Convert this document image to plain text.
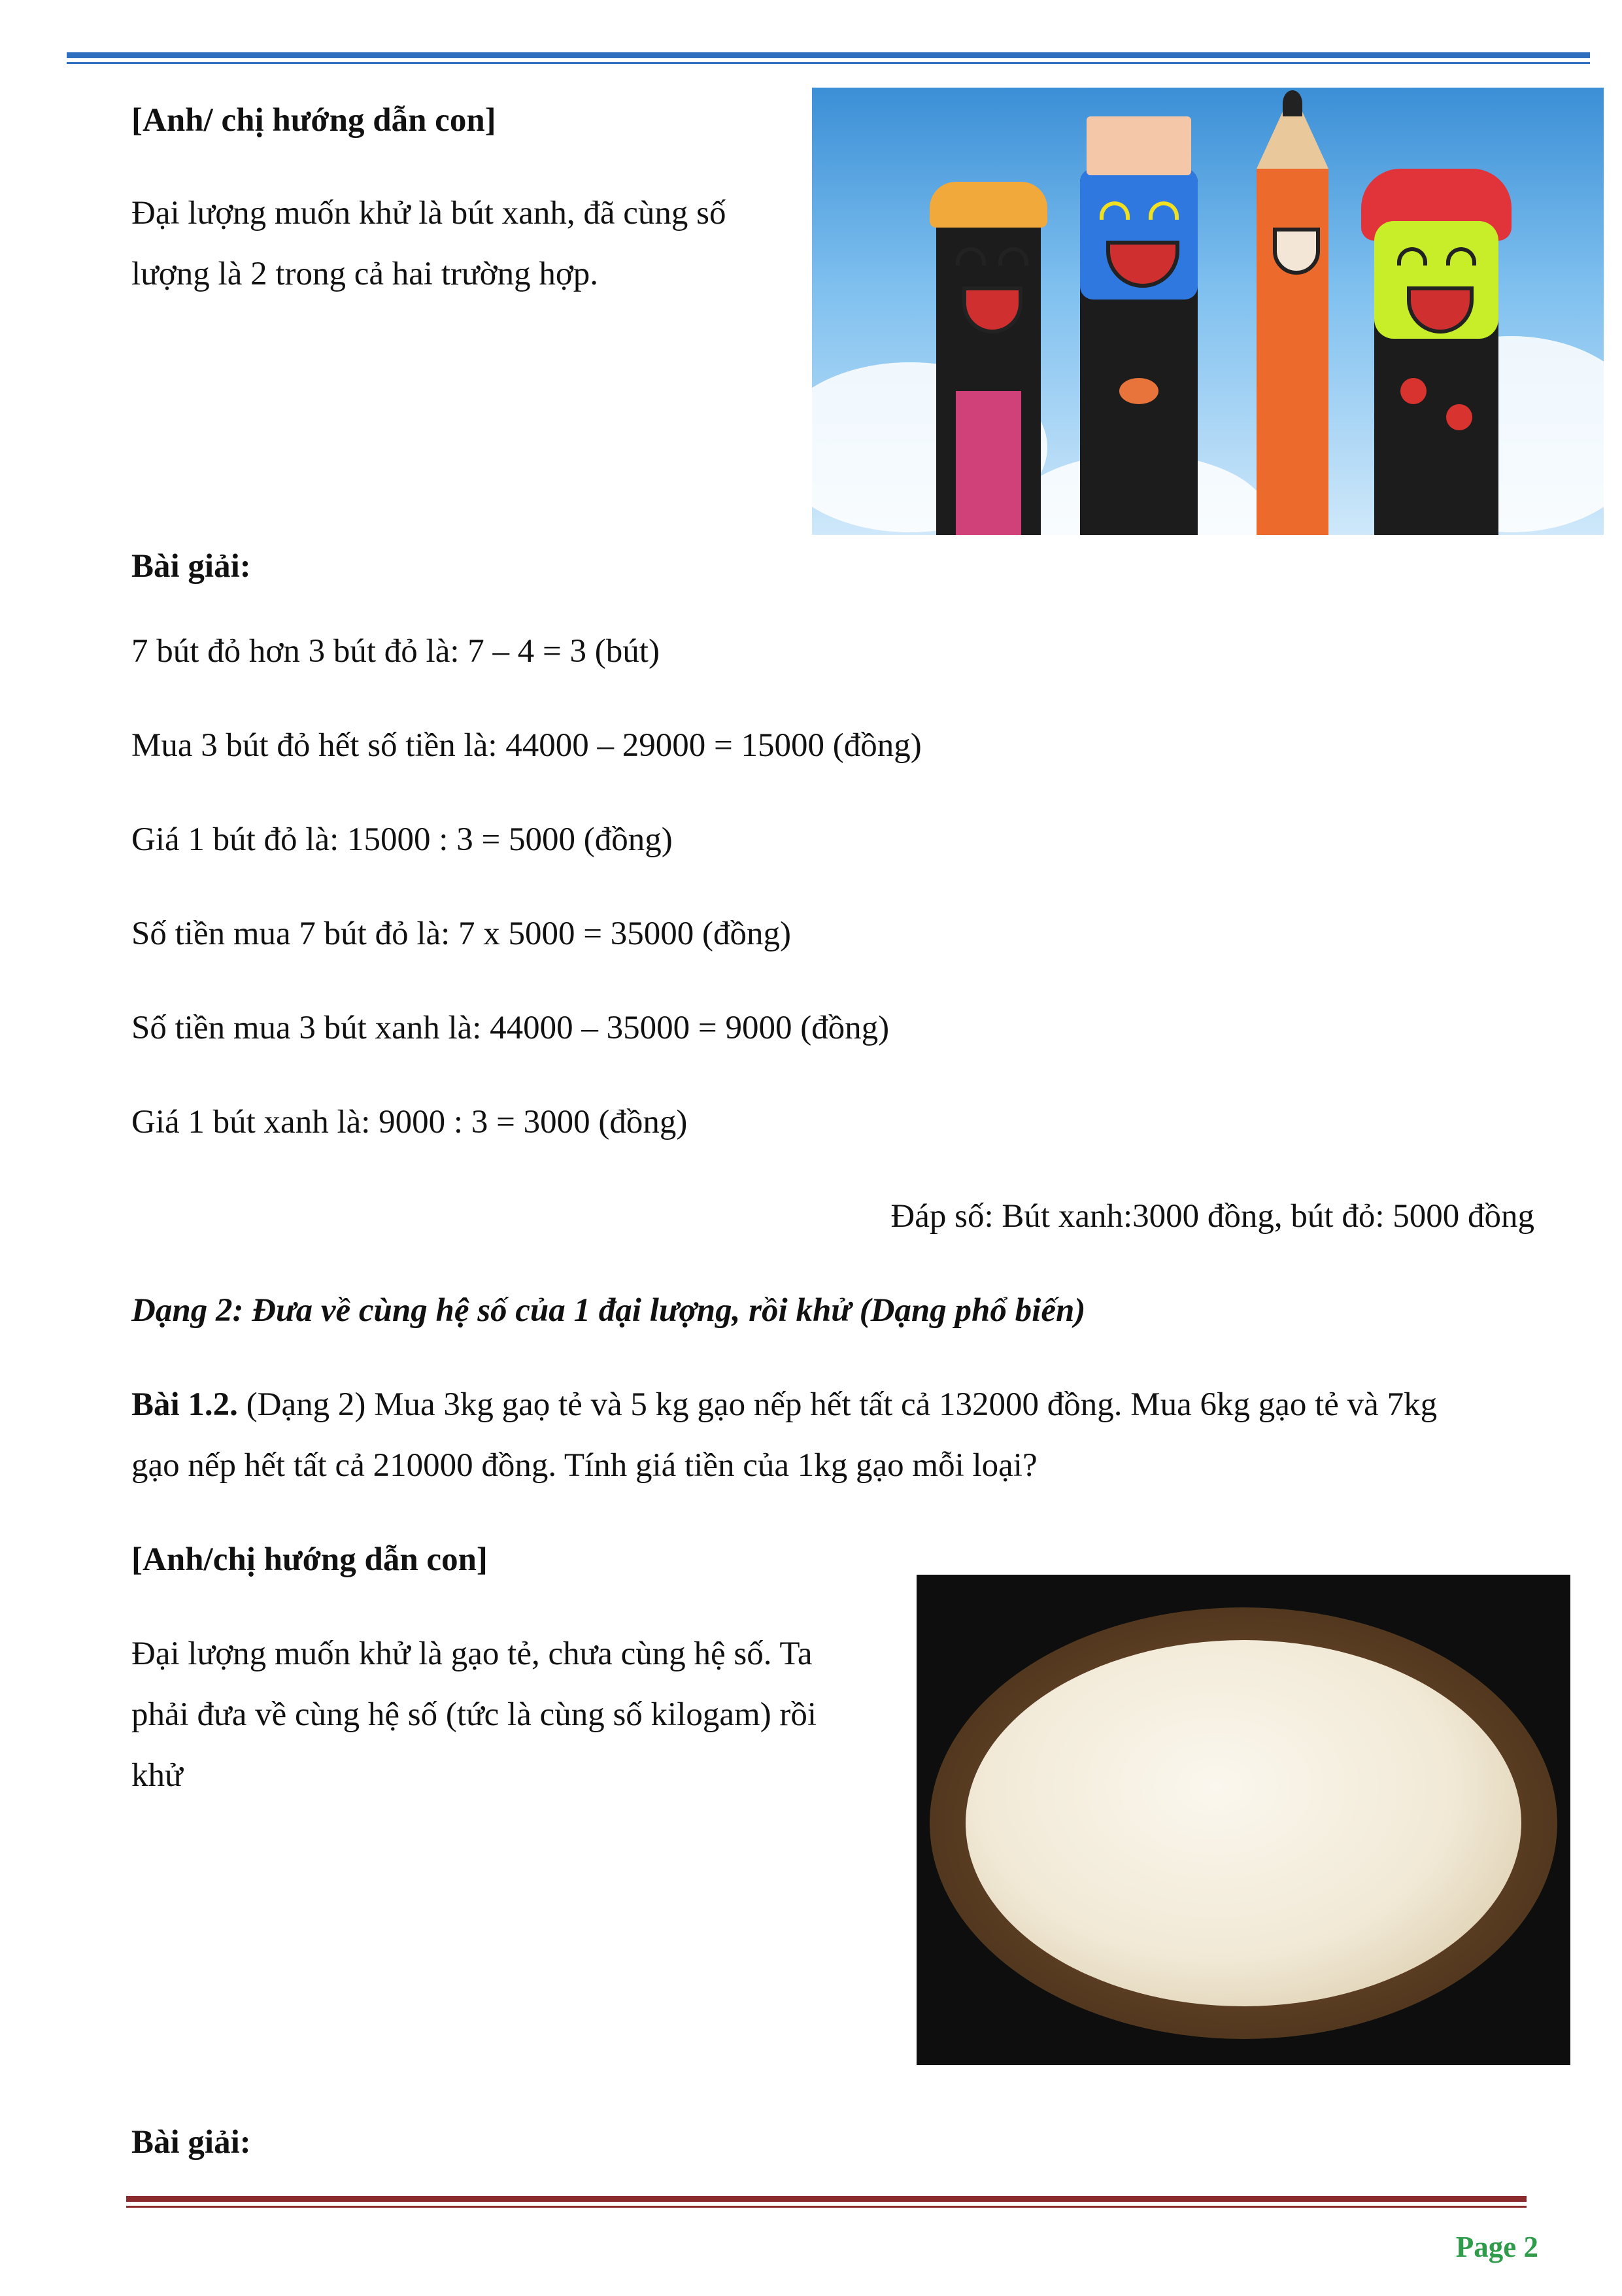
[Anh/ chị hướng dẫn con]

Đại lượng muốn khử là bút xanh, đã cùng số

lượng là 2 trong cả hai trường hợp.

Bài giải:

7 bút đỏ hơn 3 bút đỏ là: 7 – 4 = 3 (bút)

Mua 3 bút đỏ hết số tiền là: 44000 – 29000 = 15000 (đồng)

Giá 1 bút đỏ là: 15000 : 3 = 5000 (đồng)

Số tiền mua 7 bút đỏ là: 7 x 5000 = 35000 (đồng)

Số tiền mua 3 bút xanh là: 44000 – 35000 = 9000 (đồng)

Giá 1 bút xanh là: 9000 : 3 = 3000 (đồng)

Đáp số: Bút xanh:3000 đồng, bút đỏ: 5000 đồng

Dạng 2: Đưa về cùng hệ số của 1 đại lượng, rồi khử (Dạng phổ biến)

Bài 1.2. (Dạng 2) Mua 3kg gaọ tẻ và 5 kg gạo nếp hết tất cả 132000 đồng. Mua 6kg gạo tẻ và 7kg

gạo nếp hết tất cả 210000 đồng. Tính giá tiền của 1kg gạo mỗi loại?

[Anh/chị hướng dẫn con]

Đại lượng muốn khử là gạo tẻ, chưa cùng hệ số. Ta

phải đưa về cùng hệ số (tức là cùng số kilogam) rồi

khử

Bài giải:

Page 2
